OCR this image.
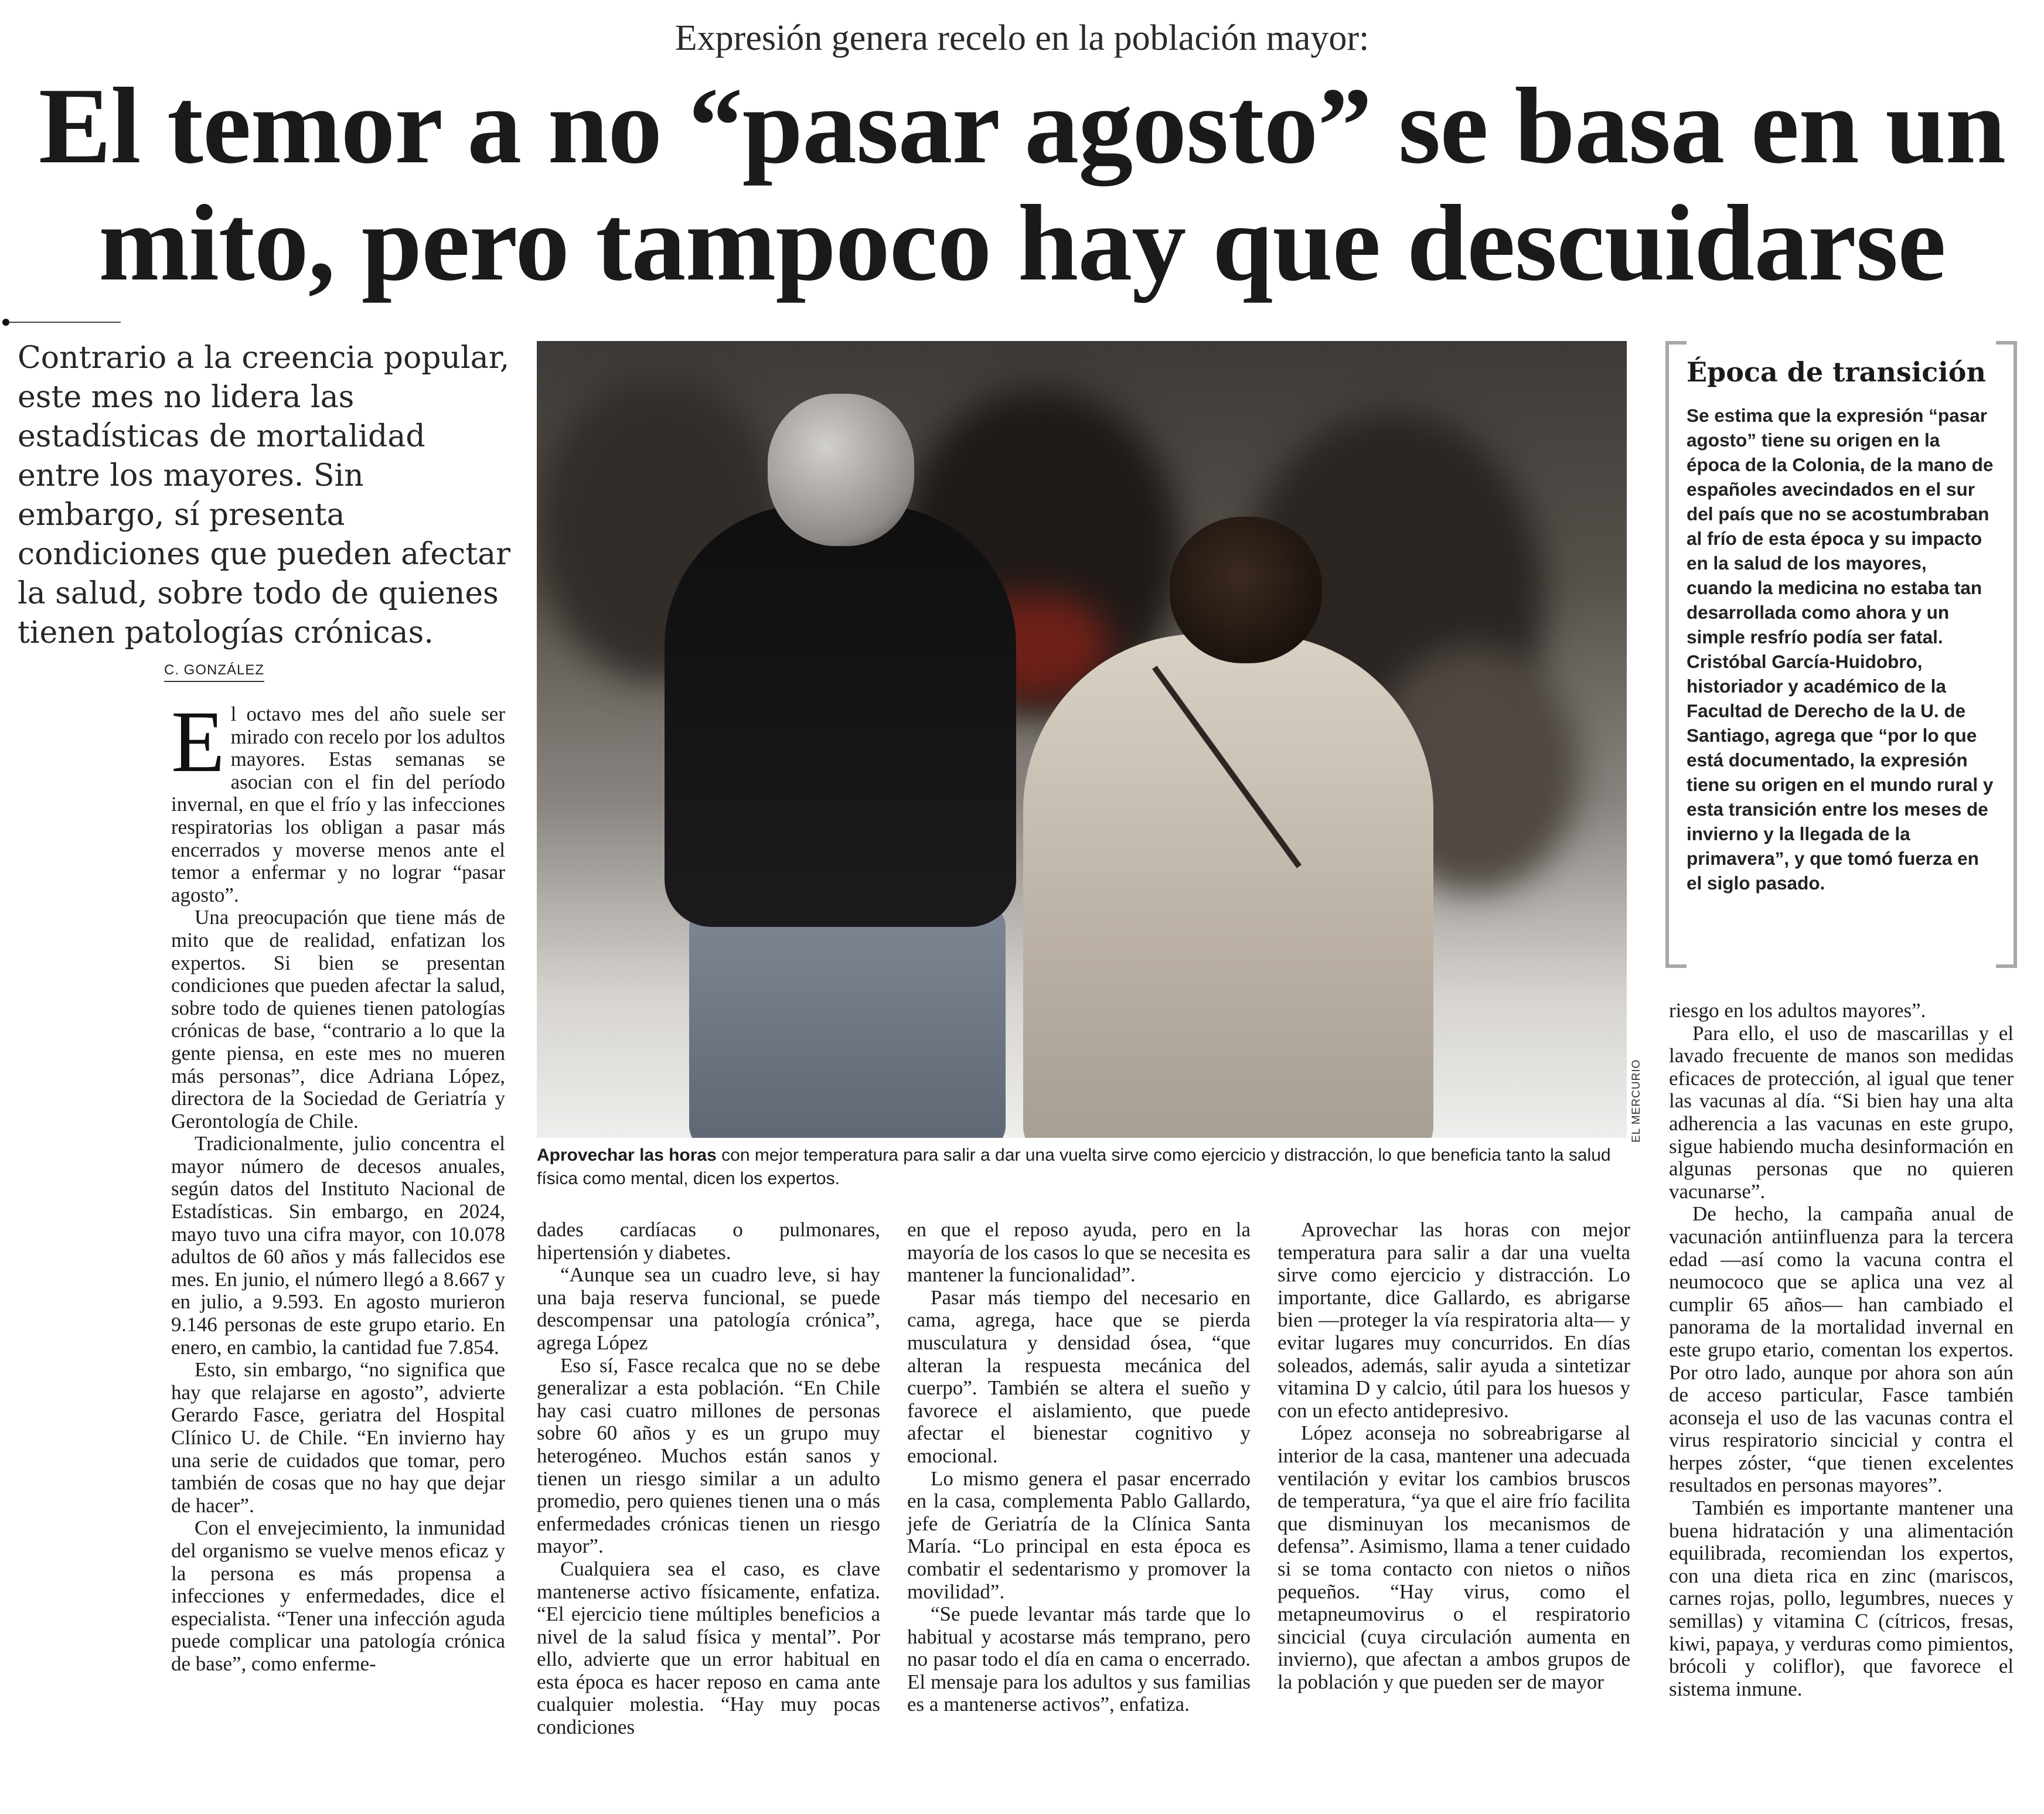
Expresión genera recelo en la población mayor:
El temor a no “pasar agosto” se basa en un
mito, pero tampoco hay que descuidarse

Contrario a la creencia popular, este mes no lidera las estadísticas de mortalidad entre los mayores. Sin embargo, sí presenta condiciones que pueden afectar la salud, sobre todo de quienes tienen patologías crónicas.

C. GONZÁLEZ

El octavo mes del año suele ser mirado con recelo por los adultos mayores. Estas semanas se asocian con el fin del período invernal, en que el frío y las infecciones respiratorias los obligan a pasar más encerrados y moverse menos ante el temor a enfermar y no lograr “pasar agosto”.

Una preocupación que tiene más de mito que de realidad, enfatizan los expertos. Si bien se presentan condiciones que pueden afectar la salud, sobre todo de quienes tienen patologías crónicas de base, “contrario a lo que la gente piensa, en este mes no mueren más personas”, dice Adriana López, directora de la Sociedad de Geriatría y Gerontología de Chile.

Tradicionalmente, julio concentra el mayor número de decesos anuales, según datos del Instituto Nacional de Estadísticas. Sin embargo, en 2024, mayo tuvo una cifra mayor, con 10.078 adultos de 60 años y más fallecidos ese mes. En junio, el número llegó a 8.667 y en julio, a 9.593. En agosto murieron 9.146 personas de este grupo etario. En enero, en cambio, la cantidad fue 7.854.

Esto, sin embargo, “no significa que hay que relajarse en agosto”, advierte Gerardo Fasce, geriatra del Hospital Clínico U. de Chile. “En invierno hay una serie de cuidados que tomar, pero también de cosas que no hay que dejar de hacer”.

Con el envejecimiento, la inmunidad del organismo se vuelve menos eficaz y la persona es más propensa a infecciones y enfermedades, dice el especialista. “Tener una infección aguda puede complicar una patología crónica de base”, como enferme-

EL MERCURIO

Aprovechar las horas con mejor temperatura para salir a dar una vuelta sirve como ejercicio y distracción, lo que beneficia tanto la salud física como mental, dicen los expertos.

Época de transición

Se estima que la expresión “pasar agosto” tiene su origen en la época de la Colonia, de la mano de españoles avecindados en el sur del país que no se acostumbraban al frío de esta época y su impacto en la salud de los mayores, cuando la medicina no estaba tan desarrollada como ahora y un simple resfrío podía ser fatal. Cristóbal García-Huidobro, historiador y académico de la Facultad de Derecho de la U. de Santiago, agrega que “por lo que está documentado, la expresión tiene su origen en el mundo rural y esta transición entre los meses de invierno y la llegada de la primavera”, y que tomó fuerza en el siglo pasado.

dades cardíacas o pulmonares, hipertensión y diabetes.

“Aunque sea un cuadro leve, si hay una baja reserva funcional, se puede descompensar una patología crónica”, agrega López

Eso sí, Fasce recalca que no se debe generalizar a esta población. “En Chile hay casi cuatro millones de personas sobre 60 años y es un grupo muy heterogéneo. Muchos están sanos y tienen un riesgo similar a un adulto promedio, pero quienes tienen una o más enfermedades crónicas tienen un riesgo mayor”.

Cualquiera sea el caso, es clave mantenerse activo físicamente, enfatiza. “El ejercicio tiene múltiples beneficios a nivel de la salud física y mental”. Por ello, advierte que un error habitual en esta época es hacer reposo en cama ante cualquier molestia. “Hay muy pocas condiciones

en que el reposo ayuda, pero en la mayoría de los casos lo que se necesita es mantener la funcionalidad”.

Pasar más tiempo del necesario en cama, agrega, hace que se pierda musculatura y densidad ósea, “que alteran la respuesta mecánica del cuerpo”. También se altera el sueño y favorece el aislamiento, que puede afectar el bienestar cognitivo y emocional.

Lo mismo genera el pasar encerrado en la casa, complementa Pablo Gallardo, jefe de Geriatría de la Clínica Santa María. “Lo principal en esta época es combatir el sedentarismo y promover la movilidad”.

“Se puede levantar más tarde que lo habitual y acostarse más temprano, pero no pasar todo el día en cama o encerrado. El mensaje para los adultos y sus familias es a mantenerse activos”, enfatiza.

Aprovechar las horas con mejor temperatura para salir a dar una vuelta sirve como ejercicio y distracción. Lo importante, dice Gallardo, es abrigarse bien —proteger la vía respiratoria alta— y evitar lugares muy concurridos. En días soleados, además, salir ayuda a sintetizar vitamina D y calcio, útil para los huesos y con un efecto antidepresivo.

López aconseja no sobreabrigarse al interior de la casa, mantener una adecuada ventilación y evitar los cambios bruscos de temperatura, “ya que el aire frío facilita que disminuyan los mecanismos de defensa”. Asimismo, llama a tener cuidado si se toma contacto con nietos o niños pequeños. “Hay virus, como el metapneumovirus o el respiratorio sincicial (cuya circulación aumenta en invierno), que afectan a ambos grupos de la población y que pueden ser de mayor

riesgo en los adultos mayores”.

Para ello, el uso de mascarillas y el lavado frecuente de manos son medidas eficaces de protección, al igual que tener las vacunas al día. “Si bien hay una alta adherencia a las vacunas en este grupo, sigue habiendo mucha desinformación en algunas personas que no quieren vacunarse”.

De hecho, la campaña anual de vacunación antiinfluenza para la tercera edad —así como la vacuna contra el neumococo que se aplica una vez al cumplir 65 años— han cambiado el panorama de la mortalidad invernal en este grupo etario, comentan los expertos. Por otro lado, aunque por ahora son aún de acceso particular, Fasce también aconseja el uso de las vacunas contra el virus respiratorio sincicial y contra el herpes zóster, “que tienen excelentes resultados en personas mayores”.

También es importante mantener una buena hidratación y una alimentación equilibrada, recomiendan los expertos, con una dieta rica en zinc (mariscos, carnes rojas, pollo, legumbres, nueces y semillas) y vitamina C (cítricos, fresas, kiwi, papaya, y verduras como pimientos, brócoli y coliflor), que favorece el sistema inmune.
